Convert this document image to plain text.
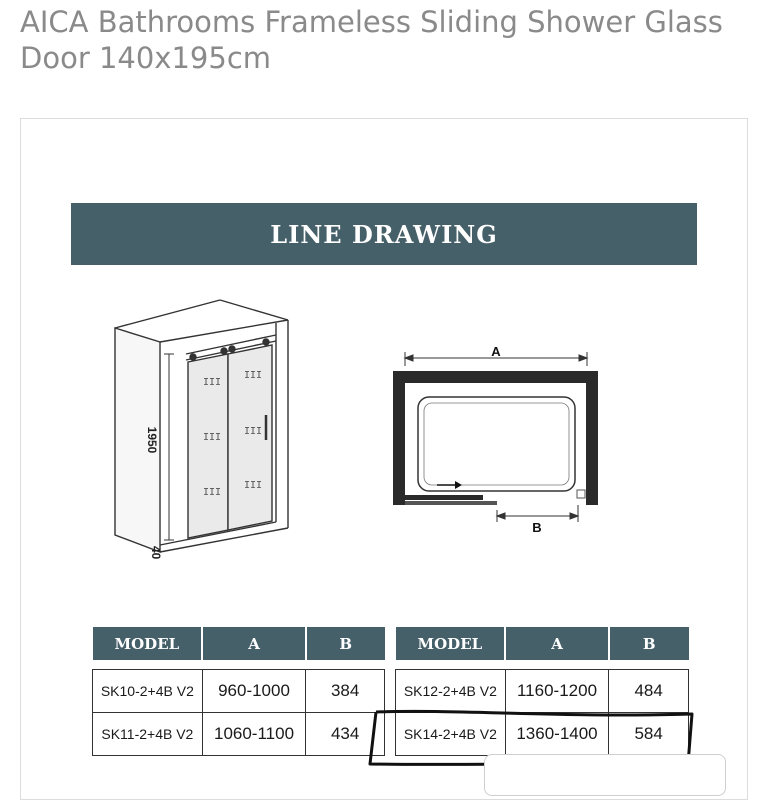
AICA Bathrooms Frameless Sliding Shower Glass Door 140x195cm
LINE DRAWING
III
III
III
III
III
III
1950
40
A
B
MODEL	A	B

SK10-2+4B V2	960-1000	384
SK11-2+4B V2	1060-1100	434
MODEL	A	B

SK12-2+4B V2	1160-1200	484
SK14-2+4B V2	1360-1400	584
